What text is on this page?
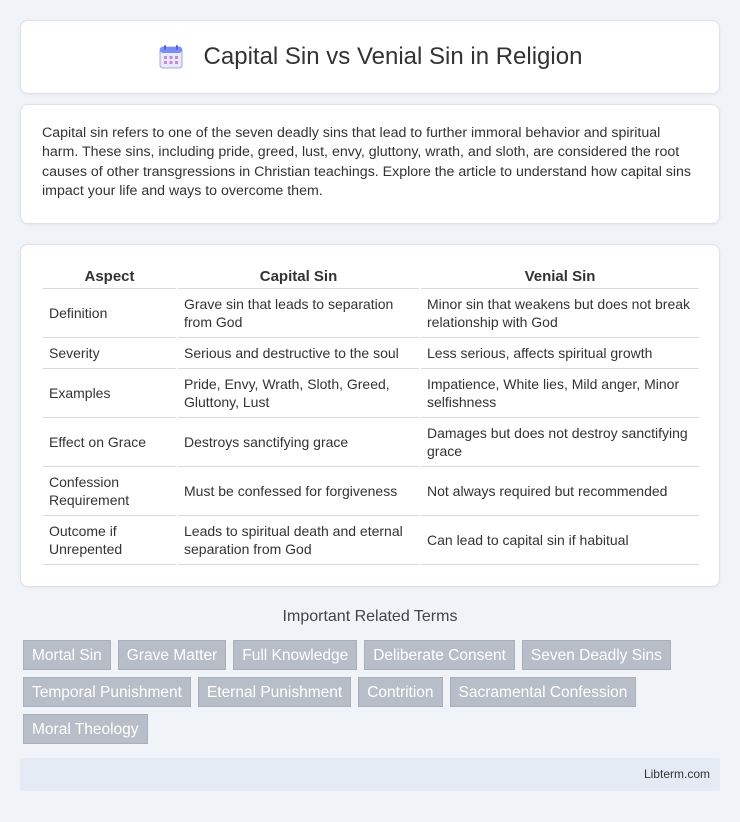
Capital Sin vs Venial Sin in Religion

Capital sin refers to one of the seven deadly sins that lead to further immoral behavior and spiritual harm. These sins, including pride, greed, lust, envy, gluttony, wrath, and sloth, are considered the root causes of other transgressions in Christian teachings. Explore the article to understand how capital sins impact your life and ways to overcome them.

Aspect		Capital Sin		Venial Sin
Definition		Grave sin that leads to separation from God		Minor sin that weakens but does not break relationship with God
Severity		Serious and destructive to the soul		Less serious, affects spiritual growth
Examples		Pride, Envy, Wrath, Sloth, Greed, Gluttony, Lust		Impatience, White lies, Mild anger, Minor selfishness
Effect on Grace		Destroys sanctifying grace		Damages but does not destroy sanctifying grace
Confession Requirement		Must be confessed for forgiveness		Not always required but recommended
Outcome if Unrepented		Leads to spiritual death and eternal separation from God		Can lead to capital sin if habitual
Important Related Terms
Mortal Sin	Grave Matter	Full Knowledge	Deliberate Consent	Seven Deadly Sins
Temporal Punishment	Eternal Punishment	Contrition	Sacramental Confession
Moral Theology
Libterm.com
